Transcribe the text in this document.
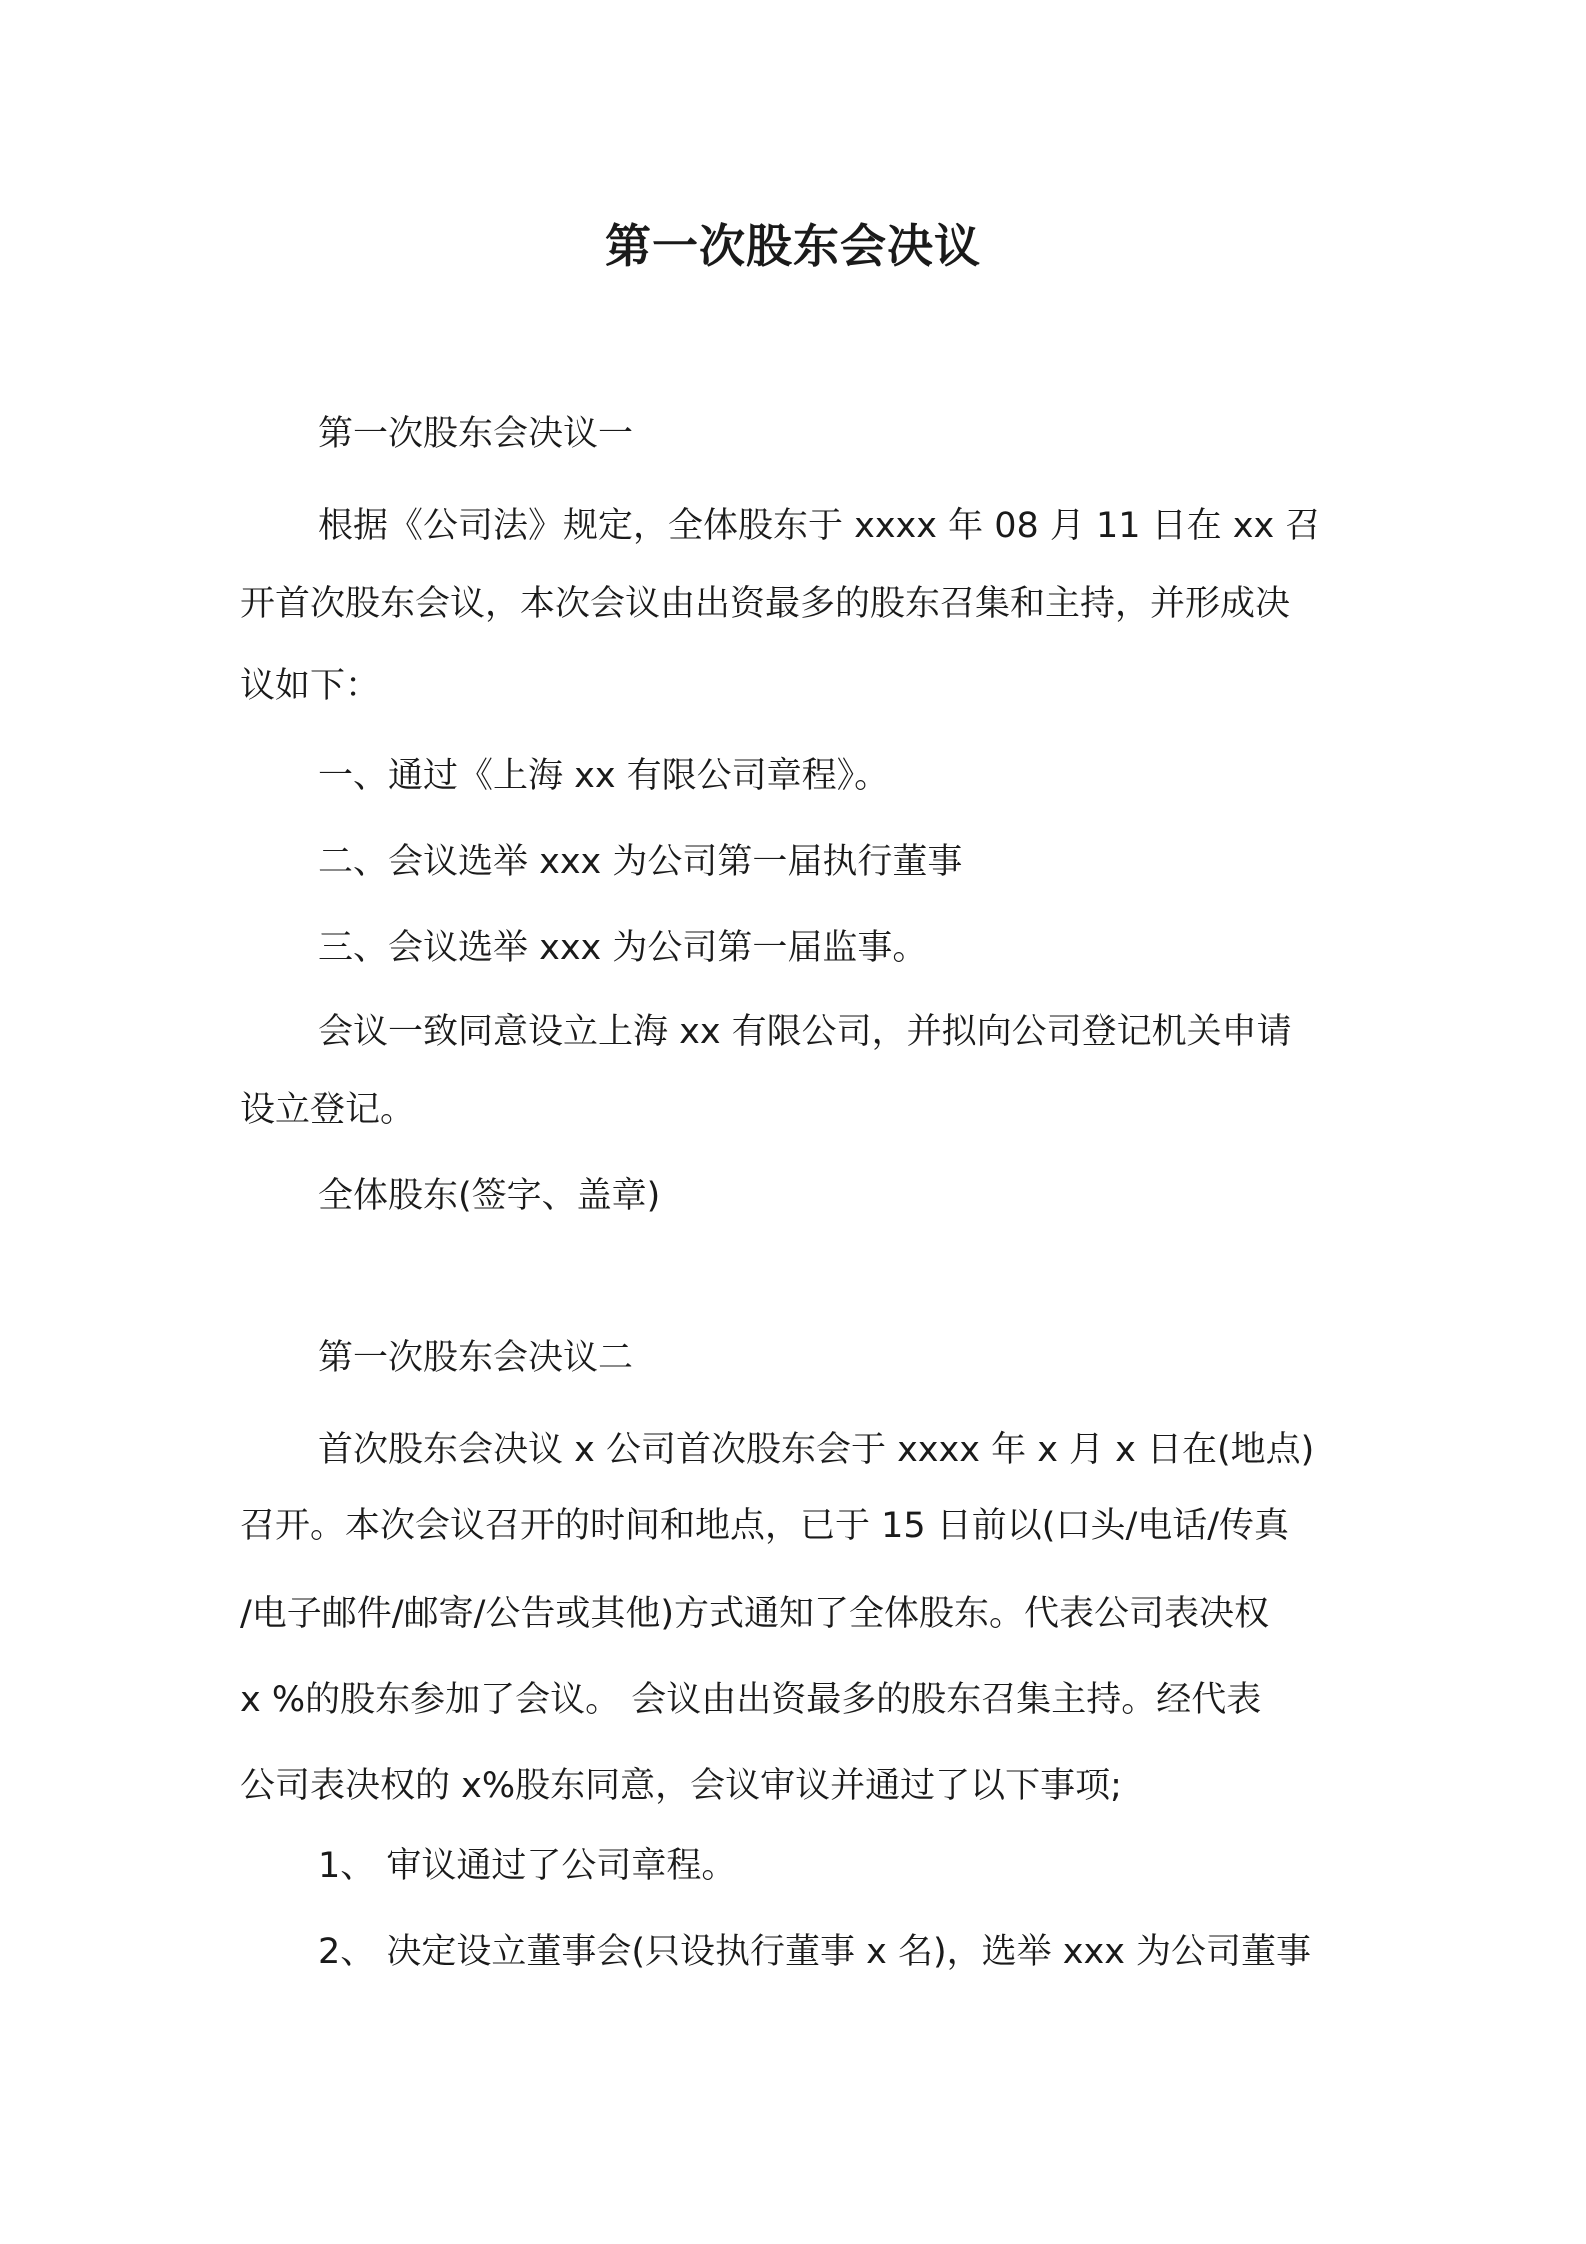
第一次股东会决议
第一次股东会决议一
根据《公司法》规定，全体股东于 xxxx 年 08 月 11 日在 xx 召
开首次股东会议，本次会议由出资最多的股东召集和主持，并形成决
议如下：
一、通过《上海 xx 有限公司章程》。
二、会议选举 xxx 为公司第一届执行董事
三、会议选举 xxx 为公司第一届监事。
会议一致同意设立上海 xx 有限公司，并拟向公司登记机关申请
设立登记。
全体股东(签字、盖章)
第一次股东会决议二
首次股东会决议 x 公司首次股东会于 xxxx 年 x 月 x 日在(地点)
召开。本次会议召开的时间和地点，已于 15 日前以(口头/电话/传真
/电子邮件/邮寄/公告或其他)方式通知了全体股东。代表公司表决权
x %的股东参加了会议。 会议由出资最多的股东召集主持。经代表
公司表决权的 x%股东同意，会议审议并通过了以下事项;
1、 审议通过了公司章程。
2、 决定设立董事会(只设执行董事 x 名)，选举 xxx 为公司董事
